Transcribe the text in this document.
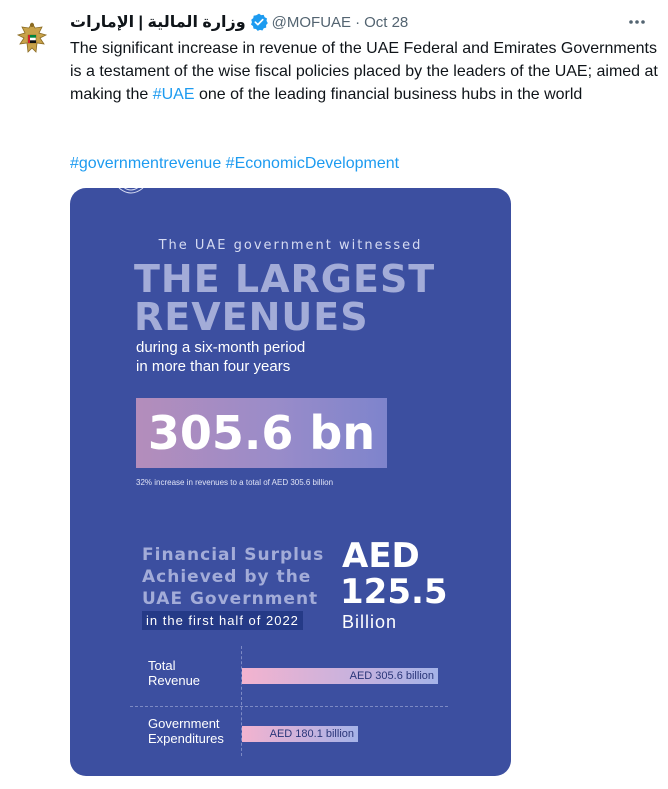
وزارة المالية | الإمارات @MOFUAE · Oct 28

The significant increase in revenue of the UAE Federal and Emirates Governments is a testament of the wise fiscal policies placed by the leaders of the UAE; aimed at making the #UAE one of the leading financial business hubs in the world

#governmentrevenue #EconomicDevelopment
The UAE government witnessed
THE LARGEST
REVENUES
during a six-month period
in more than four years
305.6 bn
32% increase in revenues to a total of AED 305.6 billion
Financial Surplus
Achieved by the
UAE Government
in the first half of 2022
AED
125.5
Billion
Total
Revenue	AED 305.6 billion
Government
Expenditures	AED 180.1 billion
